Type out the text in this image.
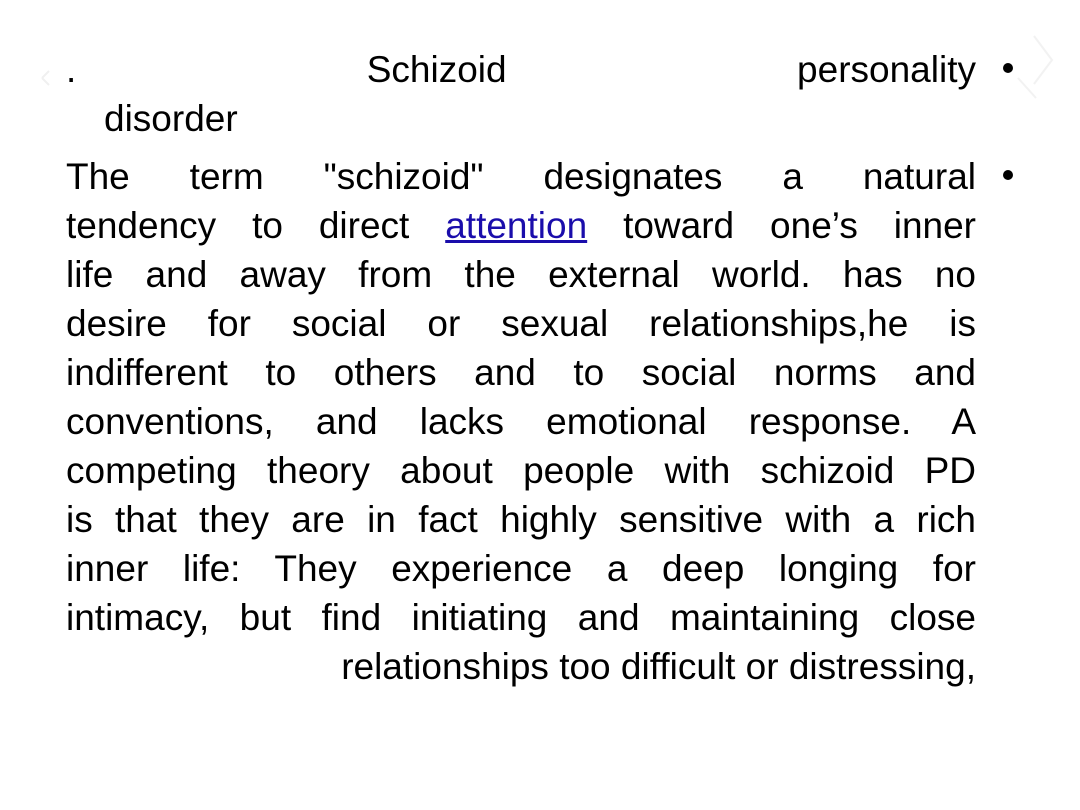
.	Schizoid	personality
disorder

The term "schizoid" designates a natural

tendency to direct attention toward one’s inner

life and away from the external world. has no

desire for social or sexual relationships,he is

indifferent to others and to social norms and

conventions, and lacks emotional response. A

competing theory about people with schizoid PD

is that they are in fact highly sensitive with a rich

inner life: They experience a deep longing for

intimacy, but find initiating and maintaining close

relationships too difficult or distressing,
